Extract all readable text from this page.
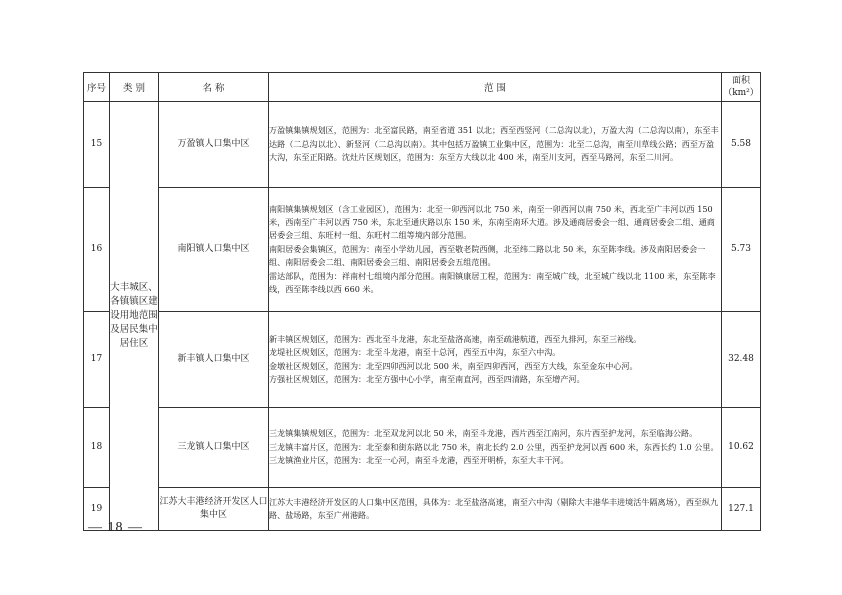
序号	类 别	名 称	范 围	面积
（km²）
15	大丰城区、各镇镇区建设用地范围及居民集中居住区	万盈镇人口集中区	万盈镇集镇规划区，范围为：北至富民路，南至省道 351 以北；西至西竖河（二总沟以北），万盈大沟（二总沟以南），东至丰达路（二总沟以北）、新竖河（二总沟以南）。其中包括万盈镇工业集中区，范围为：北至二总沟，南至川草线公路；西至万盈大沟，东至正阳路。沈灶片区规划区，范围为：东至方大线以北 400 米，南至川支河，西至马路河，东至二川河。	5.58
16		南阳镇人口集中区	南阳镇集镇规划区（含工业园区），范围为：北至一卯西河以北 750 米，南至一卯西河以南 750 米，西北至广丰河以西 150 米，西南至广丰河以西 750 米，东北至通庆路以东 150 米，东南至南环大道。涉及通商居委会一组、通商居委会二组、通商居委会三组、东旺村一组、东旺村二组等境内部分范围。
南阳居委会集镇区，范围为：南至小学幼儿园，西至敬老院西侧，北至纬二路以北 50 米，东至陈李线。涉及南阳居委会一组、南阳居委会二组、南阳居委会三组、南阳居委会五组范围。
雷达部队，范围为：祥南村七组境内部分范围。南阳镇康居工程，范围为：南至城广线，北至城广线以北 1100 米，东至陈李线，西至陈李线以西 660 米。	5.73
17		新丰镇人口集中区	新丰镇区规划区，范围为：西北至斗龙港，东北至盐洛高速，南至疏港航道，西至九排河，东至三裕线。
龙堤社区规划区，范围为：北至斗龙港，南至十总河，西至五中沟，东至六中沟。
金墩社区规划区，范围为：北至四卯西河以北 500 米，南至四卯西河，西至方大线，东至金东中心河。
方强社区规划区，范围为：北至方强中心小学，南至南直河，西至四清路，东至增产河。	32.48
18		三龙镇人口集中区	三龙镇集镇规划区，范围为：北至双龙河以北 50 米，南至斗龙港，西片西至江南河，东片西至护龙河，东至临海公路。
三龙镇丰富片区，范围为：北至泰和街东路以北 750 米，南北长约 2.0 公里，西至护龙河以西 600 米，东西长约 1.0 公里。
三龙镇渔业片区，范围为：北至一心河，南至斗龙港，西至开明桥，东至大丰干河。	10.62
19		江苏大丰港经济开发区人口集中区	江苏大丰港经济开发区的人口集中区范围，具体为：北至盐洛高速，南至六中沟（剔除大丰港华丰进境活牛隔离场），西至纵九路、盐场路，东至广州港路。	127.1
— 18 —
